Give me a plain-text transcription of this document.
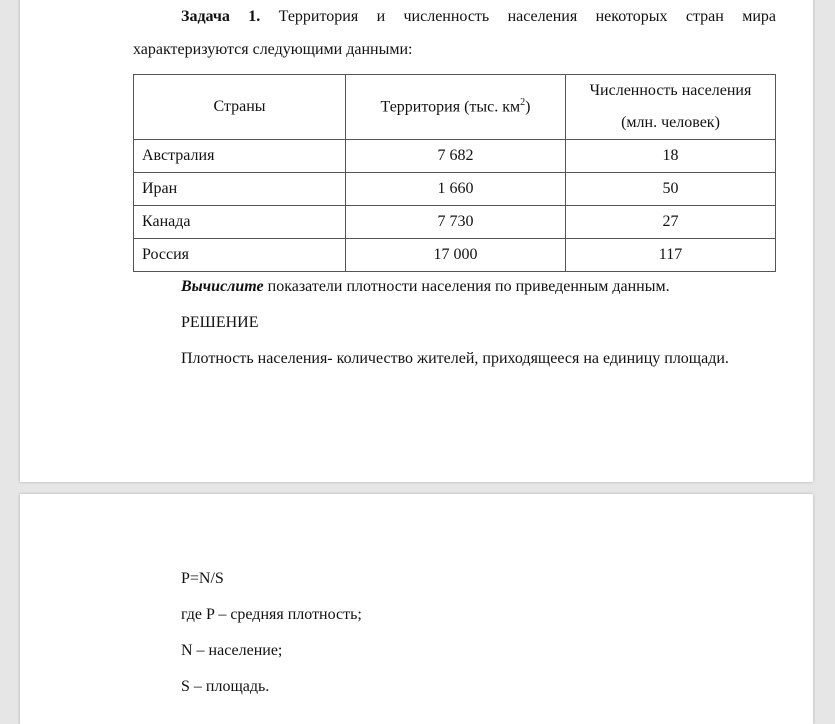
Задача 1. Территория и численность населения некоторых стран мира характеризуются следующими данными:
Страны	Территория (тыс. $км^2$)	Численность населения
(млн. человек)

Австралия	7 682	18
Иран	1 660	50
Канада	7 730	27
Россия	17 000	117
Вычислите показатели плотности населения по приведенным данным.
РЕШЕНИЕ
Плотность населения- количество жителей, приходящееся на единицу площади.
P=N/S
где P – средняя плотность;
N – население;
S – площадь.
